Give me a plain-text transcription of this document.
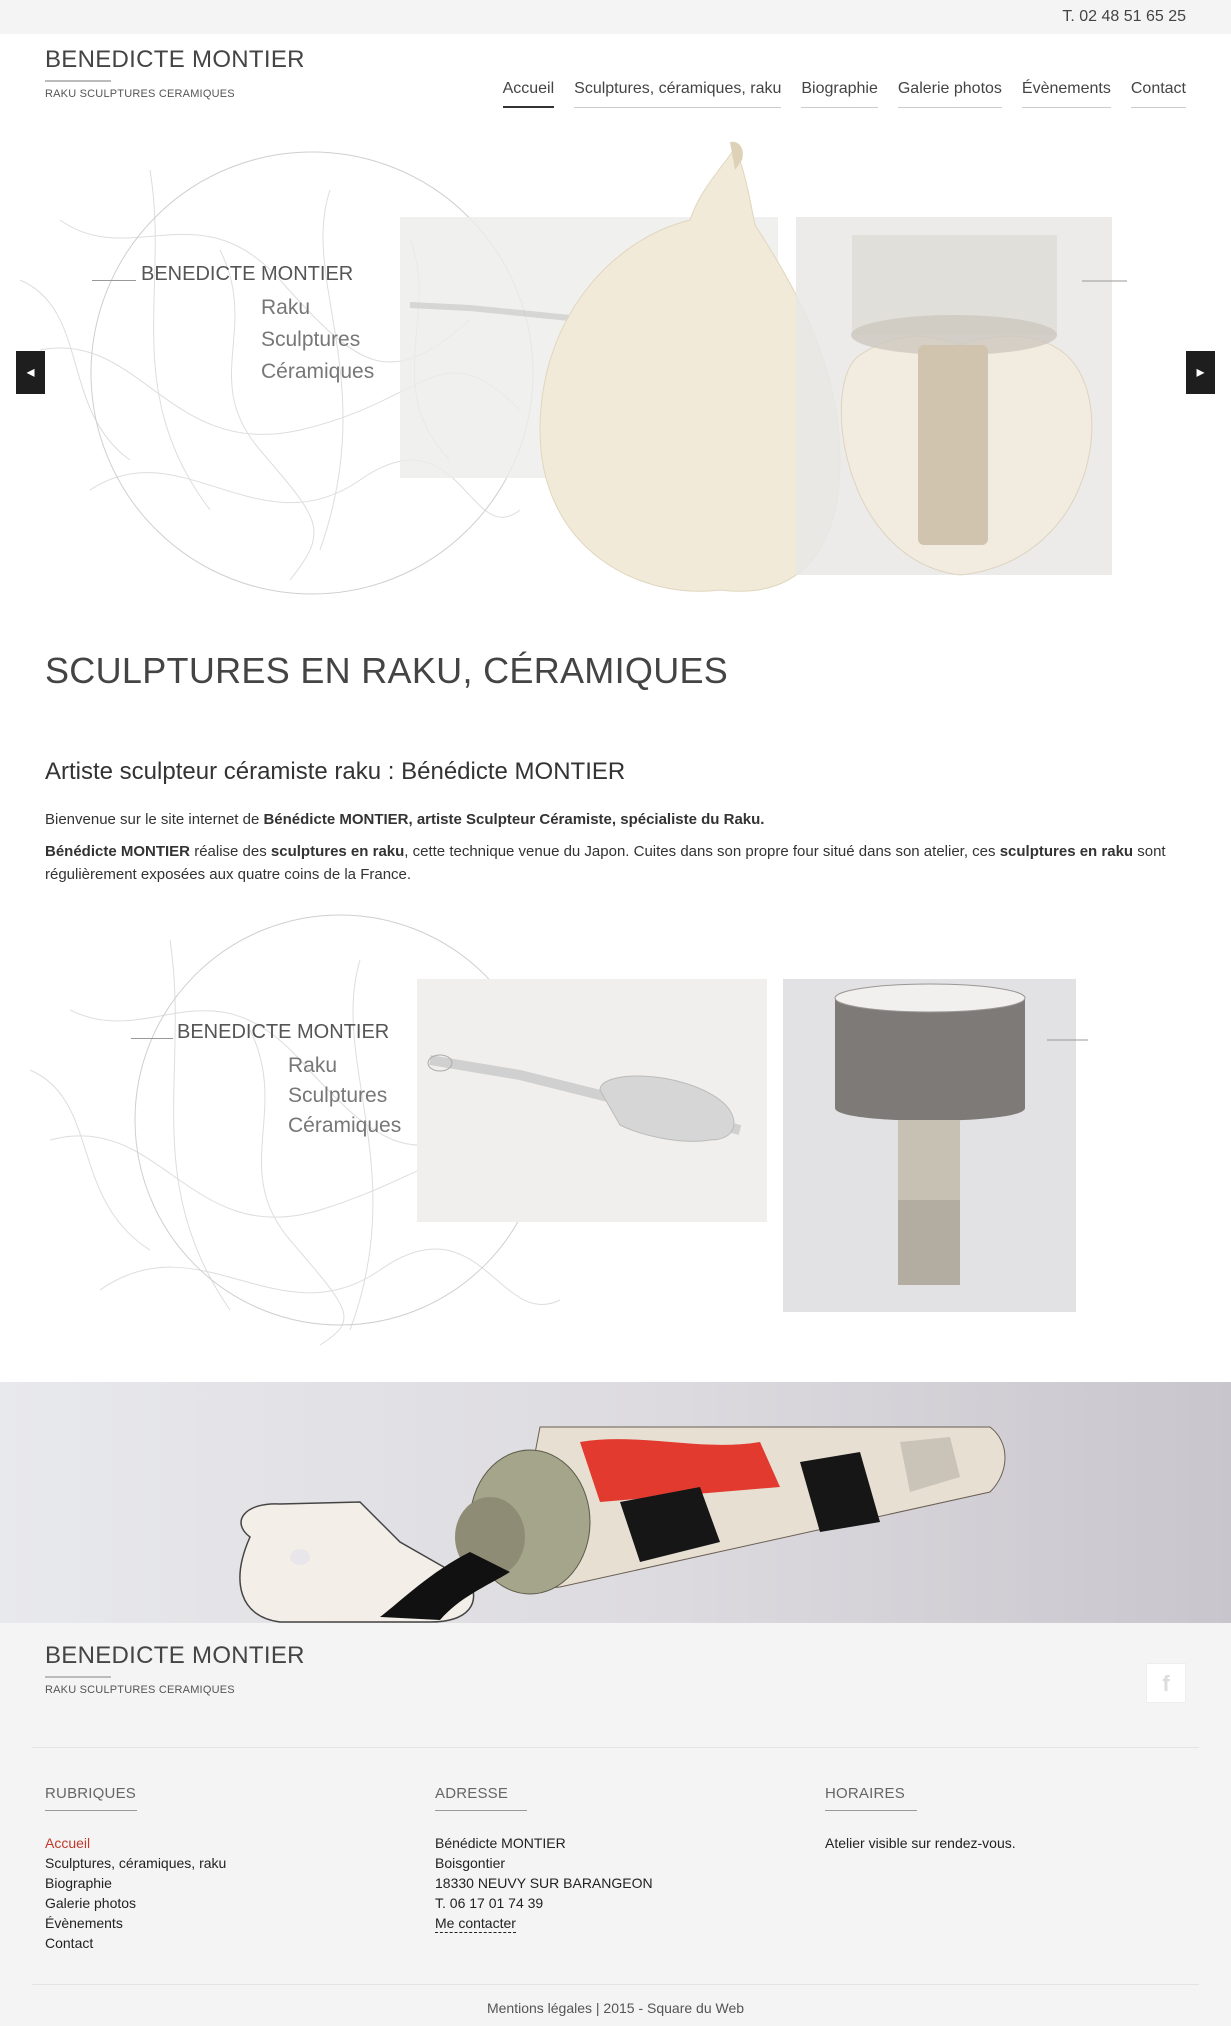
T. 02 48 51 65 25
BENEDICTE MONTIER
RAKU SCULPTURES CERAMIQUES	Accueil Sculptures, céramiques, raku Biographie Galerie photos Évènements Contact
BENEDICTE MONTIER
Raku
Sculptures
Céramiques
◂	▸
SCULPTURES EN RAKU, CÉRAMIQUES
Artiste sculpteur céramiste raku : Bénédicte MONTIER

Bienvenue sur le site internet de Bénédicte MONTIER, artiste Sculpteur Céramiste, spécialiste du Raku.

Bénédicte MONTIER réalise des sculptures en raku, cette technique venue du Japon. Cuites dans son propre four situé dans son atelier, ces sculptures en raku sont régulièrement exposées aux quatre coins de la France.

BENEDICTE MONTIER
Raku
Sculptures
Céramiques
BENEDICTE MONTIER
RAKU SCULPTURES CERAMIQUES	f
RUBRIQUES
Accueil
Sculptures, céramiques, raku
Biographie
Galerie photos
Évènements
Contact
ADRESSE
Bénédicte MONTIER
Boisgontier
18330 NEUVY SUR BARANGEON
T. 06 17 01 74 39
Me contacter
HORAIRES
Atelier visible sur rendez-vous.
Mentions légales | 2015 - Square du Web
